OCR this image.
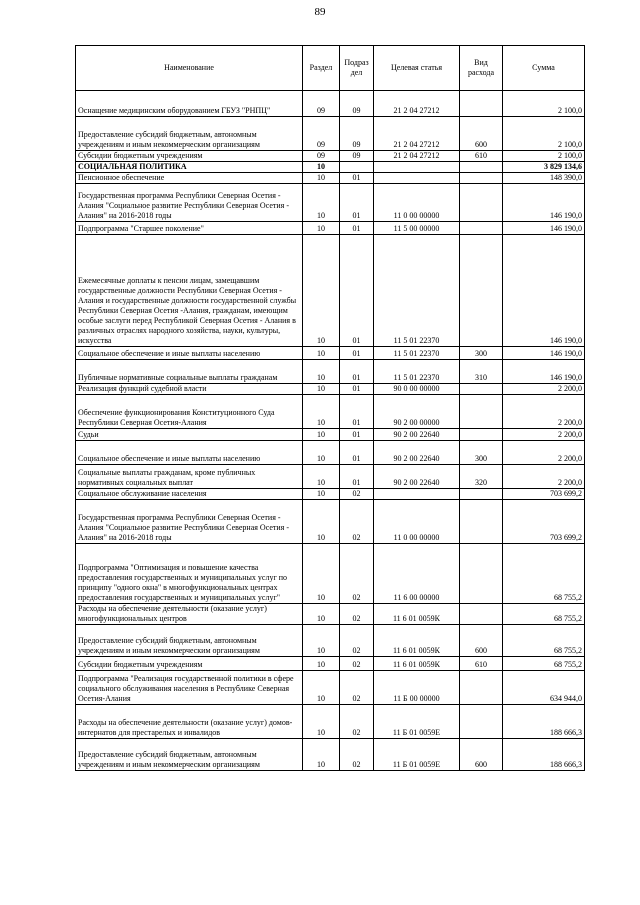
89
Наименование	Раздел	Подраз дел	Целевая статья	Вид расхода	Сумма
Оснащение медицинским оборудованием ГБУЗ "РНПЦ"	09	09	21 2 04 27212		2 100,0
Предоставление субсидий бюджетным, автономным учреждениям и иным некоммерческим организациям	09	09	21 2 04 27212	600	2 100,0
Субсидии бюджетным учреждениям	09	09	21 2 04 27212	610	2 100,0
СОЦИАЛЬНАЯ ПОЛИТИКА	10				3 829 134,6
Пенсионное обеспечение	10	01			148 390,0
Государственная программа Республики Северная Осетия - Алания "Социальное развитие Республики Северная Осетия - Алания" на 2016-2018 годы	10	01	11 0 00 00000		146 190,0
Подпрограмма "Старшее поколение"	10	01	11 5 00 00000		146 190,0
Ежемесячные доплаты к пенсии лицам, замещавшим государственные должности Республики Северная Осетия - Алания и государственные должности государственной службы Республики Северная Осетия -Алания, гражданам, имеющим особые заслуги перед Республикой Северная Осетия - Алания в различных отраслях народного хозяйства, науки, культуры, искусства	10	01	11 5 01 22370		146 190,0
Социальное обеспечение и иные выплаты населению	10	01	11 5 01 22370	300	146 190,0
Публичные нормативные социальные выплаты гражданам	10	01	11 5 01 22370	310	146 190,0
Реализация функций судебной власти	10	01	90 0 00 00000		2 200,0
Обеспечение функционирования Конституционного Суда Республики Северная Осетия-Алания	10	01	90 2 00 00000		2 200,0
Судьи	10	01	90 2 00 22640		2 200,0
Социальное обеспечение и иные выплаты населению	10	01	90 2 00 22640	300	2 200,0
Социальные выплаты гражданам, кроме публичных нормативных социальных выплат	10	01	90 2 00 22640	320	2 200,0
Социальное обслуживание населения	10	02			703 699,2
Государственная программа Республики Северная Осетия - Алания "Социальное развитие Республики Северная Осетия - Алания" на 2016-2018 годы	10	02	11 0 00 00000		703 699,2
Подпрограмма "Оптимизация и повышение качества предоставления государственных и муниципальных услуг по принципу "одного окна" в многофункциональных центрах предоставления государственных и муниципальных услуг"	10	02	11 6 00 00000		68 755,2
Расходы на обеспечение деятельности (оказание услуг) многофункциональных центров	10	02	11 6 01 0059К		68 755,2
Предоставление субсидий бюджетным, автономным учреждениям и иным некоммерческим организациям	10	02	11 6 01 0059К	600	68 755,2
Субсидии бюджетным учреждениям	10	02	11 6 01 0059К	610	68 755,2
Подпрограмма "Реализация государственной политики в сфере социального обслуживания населения в Республике Северная Осетия-Алания	10	02	11 Б 00 00000		634 944,0
Расходы на обеспечение деятельности (оказание услуг) домов-интернатов для престарелых и инвалидов	10	02	11 Б 01 0059Е		188 666,3
Предоставление субсидий бюджетным, автономным учреждениям и иным некоммерческим организациям	10	02	11 Б 01 0059Е	600	188 666,3
